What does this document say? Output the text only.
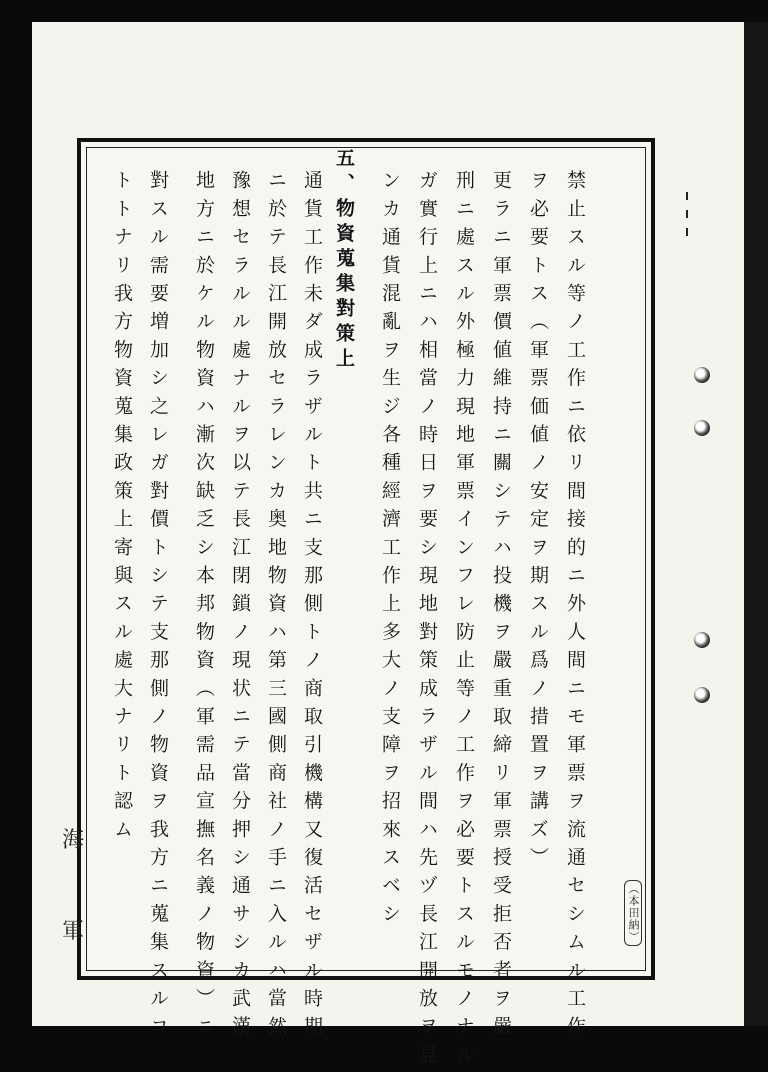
五、物資蒐集對策上	禁止スル等ノ工作ニ依リ間接的ニ外人間ニモ軍票ヲ流通セシムル工作
ヲ必要トス（軍票価値ノ安定ヲ期スル爲ノ措置ヲ講ズ）
更ラニ軍票價値維持ニ關シテハ投機ヲ嚴重取締リ軍票授受拒否者ヲ嚴
刑ニ處スル外極力現地軍票インフレ防止等ノ工作ヲ必要トスルモノナル
ガ實行上ニハ相當ノ時日ヲ要シ現地對策成ラザル間ハ先ヅ長江開放ヲ見
ンカ通貨混亂ヲ生ジ各種經濟工作上多大ノ支障ヲ招來スベシ
通貨工作未ダ成ラザルト共ニ支那側トノ商取引機構又復活セザル時期
ニ於テ長江開放セラレンカ奥地物資ハ第三國側商社ノ手ニ入ルハ當然
豫想セラルル處ナルヲ以テ長江閉鎖ノ現状ニテ當分押シ通サシカ武漢
地方ニ於ケル物資ハ漸次缺乏シ本邦物資（軍需品宣撫名義ノ物資）ニ
對スル需要増加シ之レガ對價トシテ支那側ノ物資ヲ我方ニ蒐集スルコ
トトナリ我方物資蒐集政策上寄與スル處大ナリト認ム
（本田納）
海
軍
